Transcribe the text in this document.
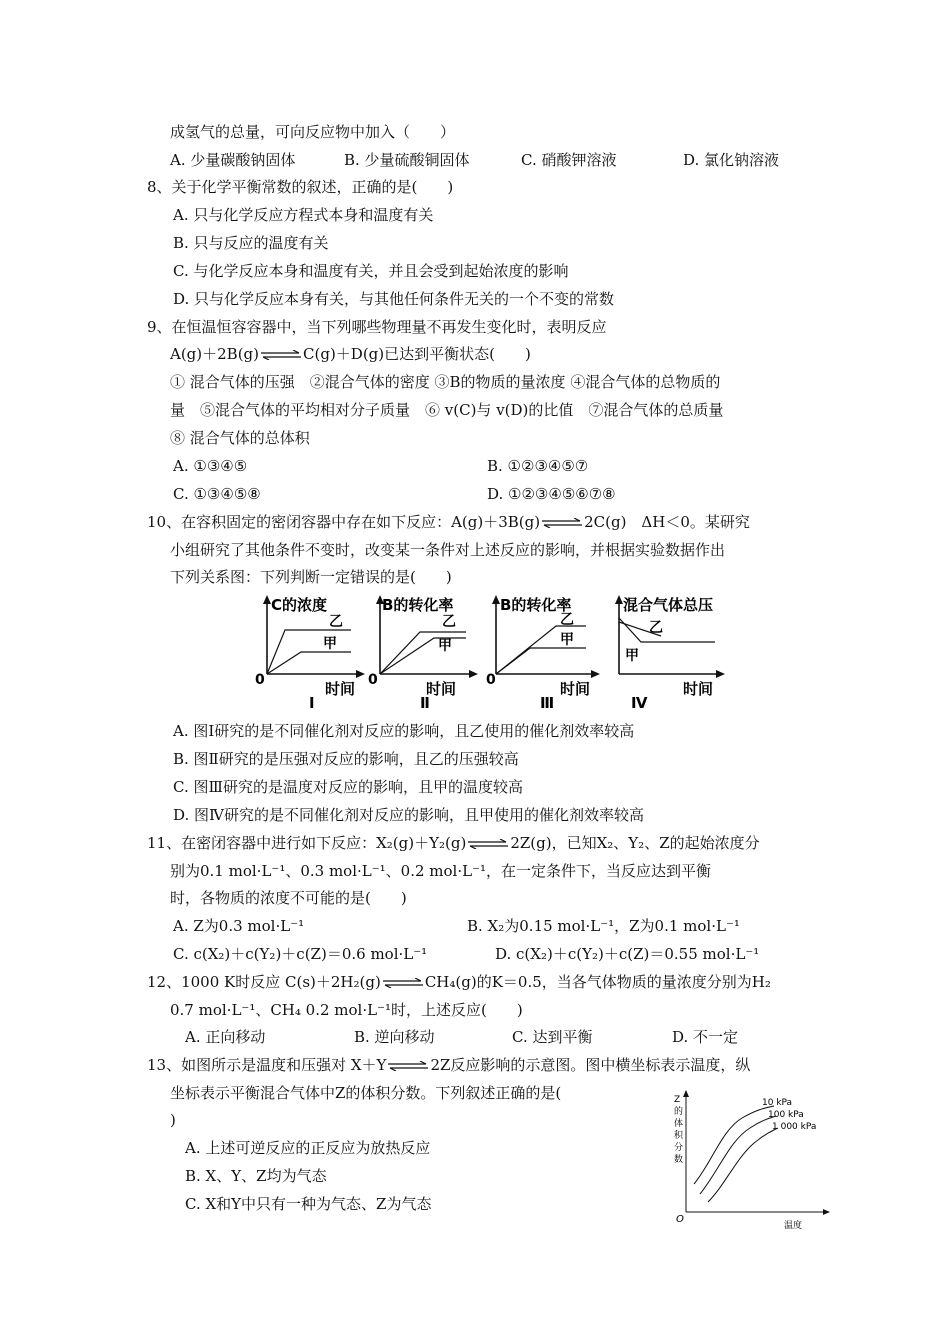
成氢气的总量，可向反应物中加入（　　）
A. 少量碳酸钠固体	B. 少量硫酸铜固体	C. 硝酸钾溶液	D. 氯化钠溶液
8、关于化学平衡常数的叙述，正确的是(　　)
A. 只与化学反应方程式本身和温度有关
B. 只与反应的温度有关
C. 与化学反应本身和温度有关，并且会受到起始浓度的影响
D. 只与化学反应本身有关，与其他任何条件无关的一个不变的常数
9、在恒温恒容容器中，当下列哪些物理量不再发生变化时，表明反应
A(g)＋2B(g)	C(g)＋D(g)已达到平衡状态(　　)
① 混合气体的压强　②混合气体的密度 ③B的物质的量浓度 ④混合气体的总物质的
量　⑤混合气体的平均相对分子质量　⑥ v(C)与 v(D)的比值　⑦混合气体的总质量
⑧ 混合气体的总体积
A. ①③④⑤	B. ①②③④⑤⑦
C. ①③④⑤⑧	D. ①②③④⑤⑥⑦⑧
10、在容积固定的密闭容器中存在如下反应：A(g)＋3B(g)	2C(g)　ΔH＜0。某研究
小组研究了其他条件不变时，改变某一条件对上述反应的影响，并根据实验数据作出
下列关系图：下列判断一定错误的是(　　)
C的浓度
乙
甲
0	时间
Ⅰ
B的转化率
乙
甲
0	时间
Ⅱ
B的转化率
乙
甲
0	时间
Ⅲ
混合气体总压
乙
甲
时间
Ⅳ
A. 图Ⅰ研究的是不同催化剂对反应的影响，且乙使用的催化剂效率较高
B. 图Ⅱ研究的是压强对反应的影响，且乙的压强较高
C. 图Ⅲ研究的是温度对反应的影响，且甲的温度较高
D. 图Ⅳ研究的是不同催化剂对反应的影响，且甲使用的催化剂效率较高
11、在密闭容器中进行如下反应：X₂(g)＋Y₂(g)	2Z(g)，已知X₂、Y₂、Z的起始浓度分
别为0.1 mol·L⁻¹、0.3 mol·L⁻¹、0.2 mol·L⁻¹，在一定条件下，当反应达到平衡
时，各物质的浓度不可能的是(　　)
A. Z为0.3 mol·L⁻¹	B. X₂为0.15 mol·L⁻¹，Z为0.1 mol·L⁻¹
C. c(X₂)＋c(Y₂)＋c(Z)＝0.6 mol·L⁻¹	D. c(X₂)＋c(Y₂)＋c(Z)＝0.55 mol·L⁻¹
12、1000 K时反应 C(s)＋2H₂(g)	CH₄(g)的K＝0.5，当各气体物质的量浓度分别为H₂
0.7 mol·L⁻¹、CH₄ 0.2 mol·L⁻¹时，上述反应(　　)
A. 正向移动	B. 逆向移动	C. 达到平衡	D. 不一定
13、如图所示是温度和压强对 X＋Y	2Z反应影响的示意图。图中横坐标表示温度，纵
坐标表示平衡混合气体中Z的体积分数。下列叙述正确的是(
)
A. 上述可逆反应的正反应为放热反应
B. X、Y、Z均为气态
C. X和Y中只有一种为气态、Z为气态
Z
的
体
积
分
数
10 kPa
100 kPa
1 000 kPa
O
温度
